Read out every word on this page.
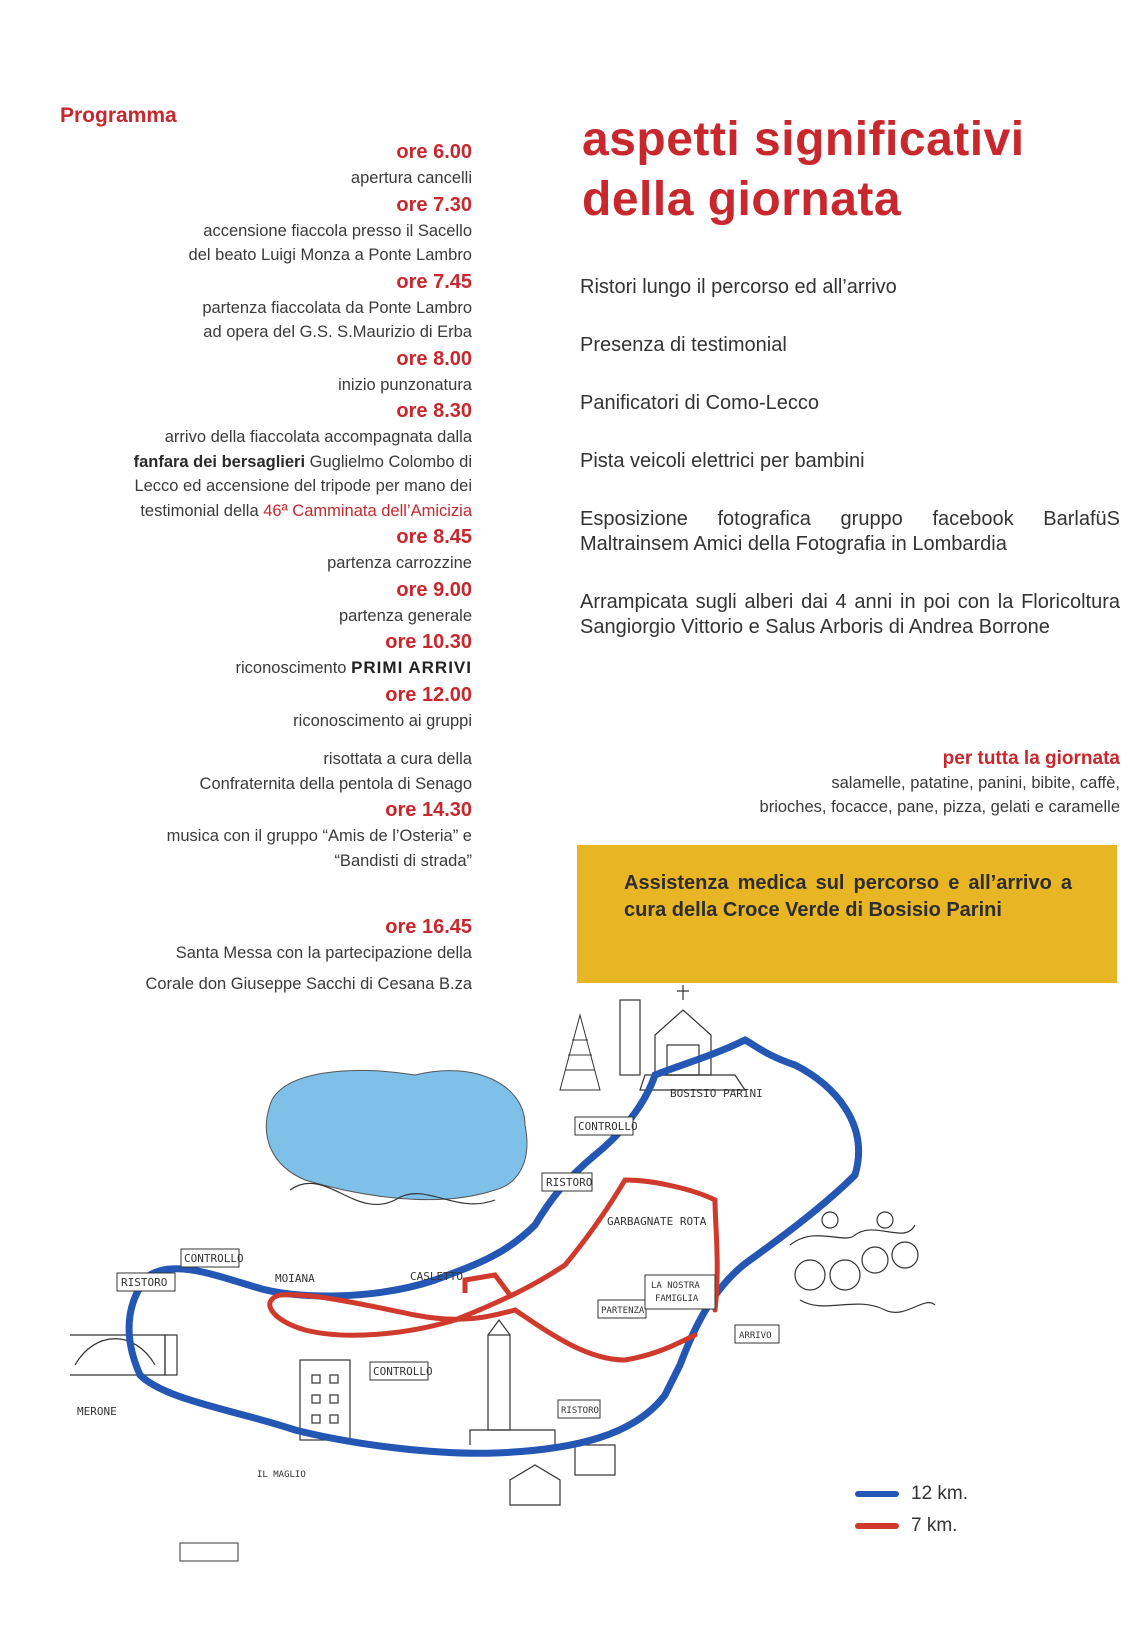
Programma
ore 6.00
apertura cancelli
ore 7.30
accensione fiaccola presso il Sacello
del beato Luigi Monza a Ponte Lambro
ore 7.45
partenza fiaccolata da Ponte Lambro
ad opera del G.S. S.Maurizio di Erba
ore 8.00
inizio punzonatura
ore 8.30
arrivo della fiaccolata accompagnata dalla
fanfara dei bersaglieri Guglielmo Colombo di
Lecco ed accensione del tripode per mano dei
testimonial della 46ª Camminata dell’Amicizia
ore 8.45
partenza carrozzine
ore 9.00
partenza generale
ore 10.30
riconoscimento PRIMI ARRIVI
ore 12.00
riconoscimento ai gruppi
risottata a cura della
Confraternita della pentola di Senago
ore 14.30
musica con il gruppo “Amis de l’Osteria” e
“Bandisti di strada”
ore 16.45
Santa Messa con la partecipazione della
Corale don Giuseppe Sacchi di Cesana B.za
aspetti significativi
della giornata
Ristori lungo il percorso ed all’arrivo
Presenza di testimonial
Panificatori di Como-Lecco
Pista veicoli elettrici per bambini
Esposizione fotografica gruppo facebook BarlafüS Maltrainsem Amici della Fotografia in Lombardia
Arrampicata sugli alberi dai 4 anni in poi con la Floricoltura Sangiorgio Vittorio e Salus Arboris di Andrea Borrone
per tutta la giornata
salamelle, patatine, panini, bibite, caffè,
brioches, focacce, pane, pizza, gelati e caramelle
Assistenza medica sul percorso e all’arrivo a cura della Croce Verde di Bosisio Parini
CONTROLLO
RISTORO
CONTROLLO
RISTORO
CONTROLLO
RISTORO
PARTENZA
ARRIVO
LA NOSTRA
FAMIGLIA
BOSISIO PARINI
GARBAGNATE ROTA
MOIANA	CASLETTO
MERONE
IL MAGLIO
12 km.
7 km.
